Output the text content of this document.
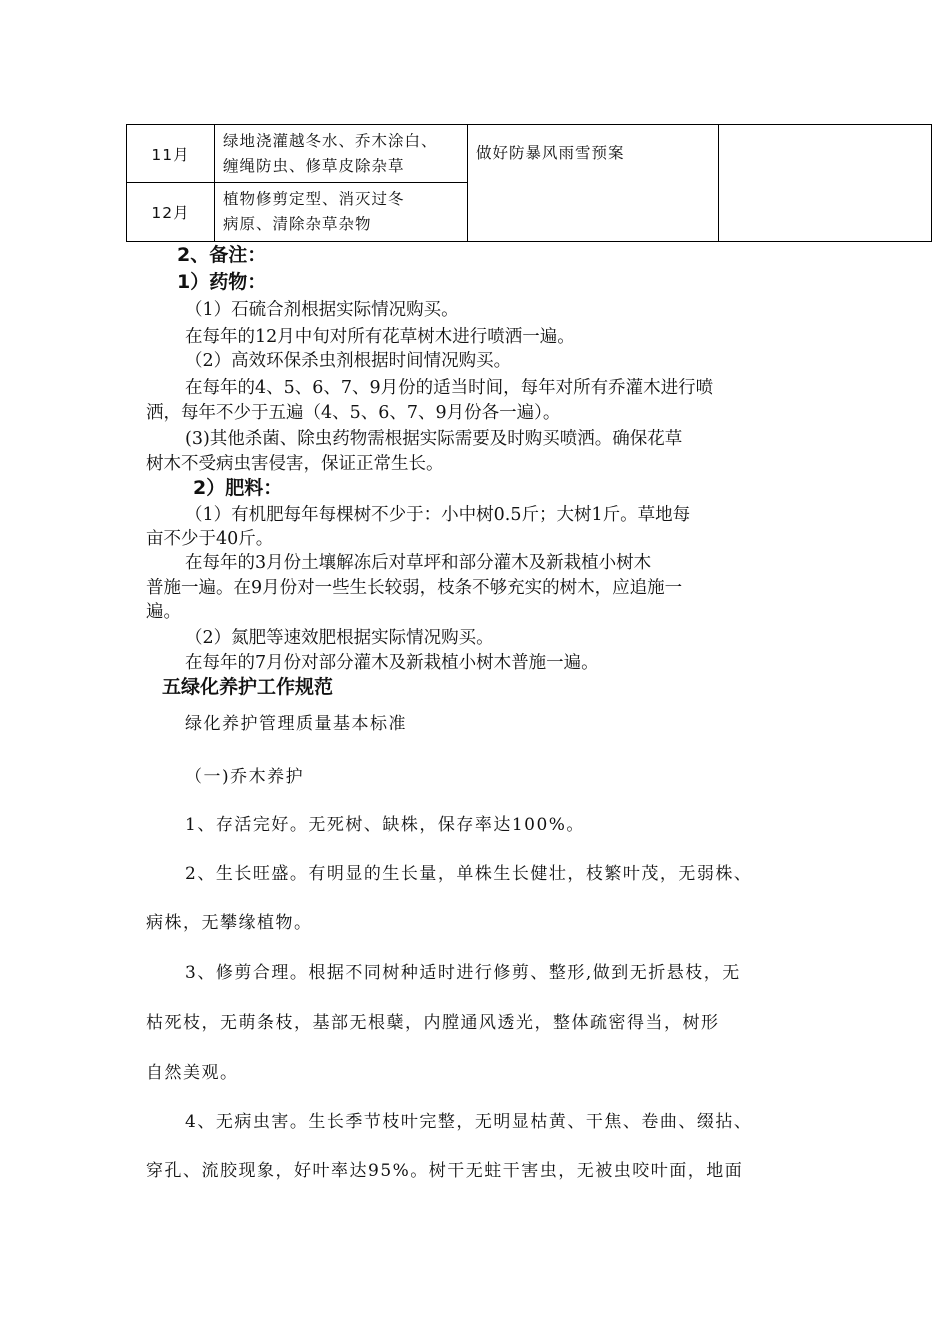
11月	绿地浇灌越冬水、乔木涂白、
缠绳防虫、修草皮除杂草	做好防暴风雨雪预案	
12月	植物修剪定型、消灭过冬
病原、清除杂草杂物		
2、备注：
1）药物：
（1）石硫合剂根据实际情况购买。
在每年的12月中旬对所有花草树木进行喷洒一遍。
（2）高效环保杀虫剂根据时间情况购买。
在每年的4、5、6、7、9月份的适当时间，每年对所有乔灌木进行喷
洒，每年不少于五遍（4、5、6、7、9月份各一遍）。
(3)其他杀菌、除虫药物需根据实际需要及时购买喷洒。确保花草
树木不受病虫害侵害，保证正常生长。
2）肥料：
（1）有机肥每年每棵树不少于：小中树0.5斤；大树1斤。草地每
亩不少于40斤。
在每年的3月份土壤解冻后对草坪和部分灌木及新栽植小树木
普施一遍。在9月份对一些生长较弱，枝条不够充实的树木，应追施一
遍。
（2）氮肥等速效肥根据实际情况购买。
在每年的7月份对部分灌木及新栽植小树木普施一遍。
五绿化养护工作规范
绿化养护管理质量基本标准
（一)乔木养护
1、存活完好。无死树、缺株，保存率达100%。
2、生长旺盛。有明显的生长量，单株生长健壮，枝繁叶茂，无弱株、
病株，无攀缘植物。
3、修剪合理。根据不同树种适时进行修剪、整形,做到无折悬枝，无
枯死枝，无萌条枝，基部无根蘖，内膛通风透光，整体疏密得当，树形
自然美观。
4、无病虫害。生长季节枝叶完整，无明显枯黄、干焦、卷曲、缀拈、
穿孔、流胶现象，好叶率达95%。树干无蛀干害虫，无被虫咬叶面，地面
